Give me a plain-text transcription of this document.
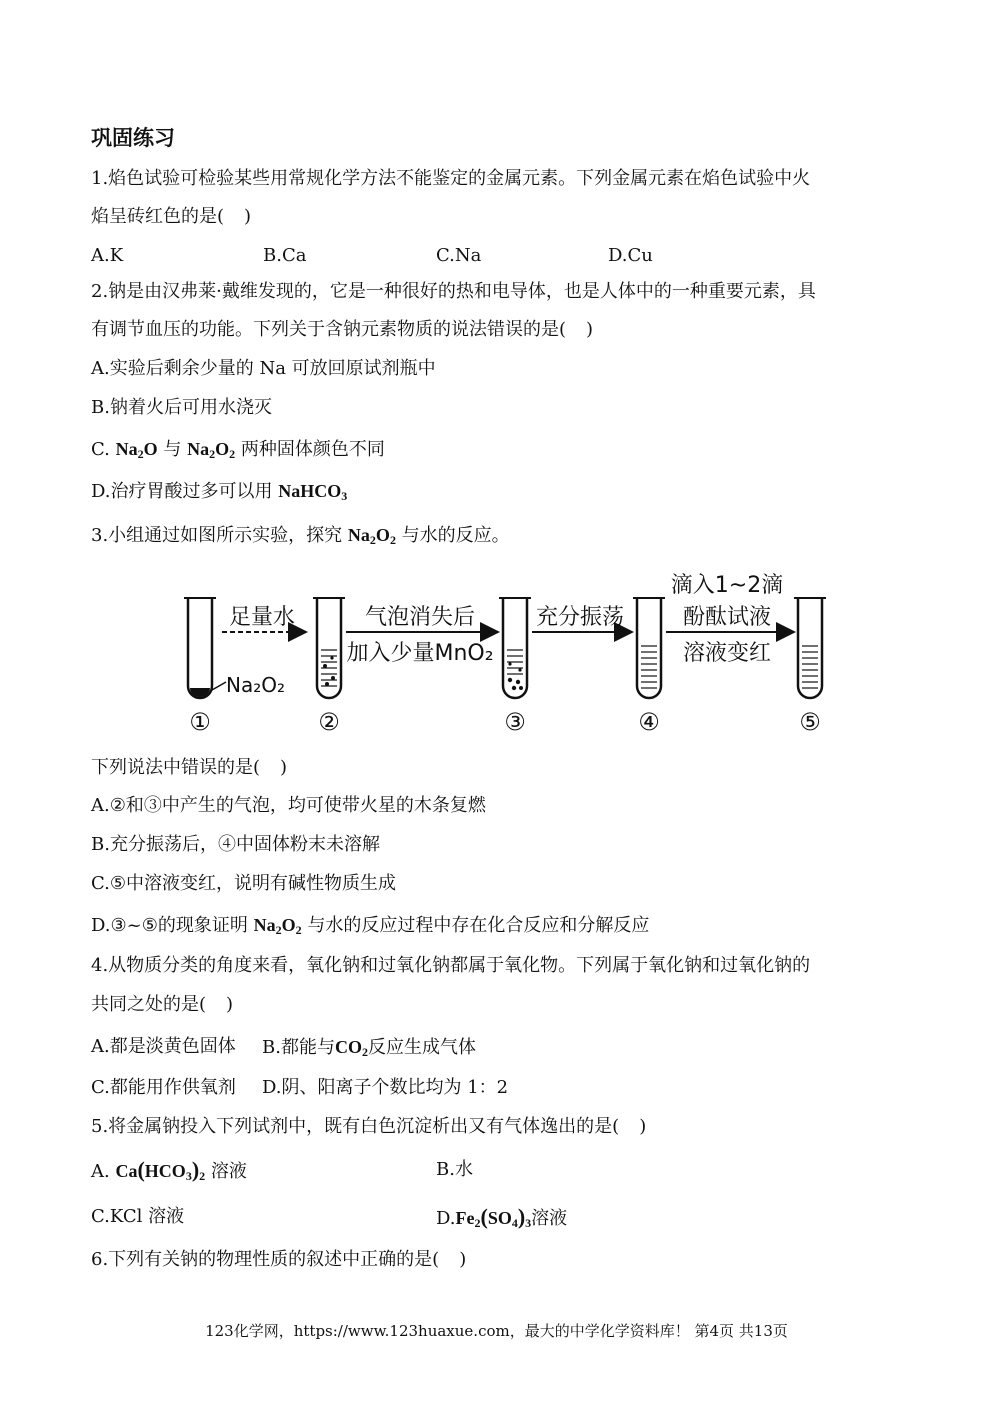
巩固练习
1.焰色试验可检验某些用常规化学方法不能鉴定的金属元素。下列金属元素在焰色试验中火
焰呈砖红色的是( )
A.K	B.Ca	C.Na	D.Cu
2.钠是由汉弗莱·戴维发现的，它是一种很好的热和电导体，也是人体中的一种重要元素，具
有调节血压的功能。下列关于含钠元素物质的说法错误的是( )
A.实验后剩余少量的 Na 可放回原试剂瓶中
B.钠着火后可用水浇灭
C. $Na_2O$ 与 $Na_2O_2$ 两种固体颜色不同
D.治疗胃酸过多可以用 NaHCO$_3$
3.小组通过如图所示实验，探究 $Na_2O_2$ 与水的反应。
足量水	气泡消失后
加入少量MnO₂
充分振荡
滴入1~2滴
酚酞试液
溶液变红
Na₂O₂
①	②	③	④	⑤
下列说法中错误的是( )
A.②和③中产生的气泡，均可使带火星的木条复燃
B.充分振荡后，④中固体粉末未溶解
C.⑤中溶液变红，说明有碱性物质生成
D.③~⑤的现象证明 $Na_2O_2$ 与水的反应过程中存在化合反应和分解反应
4.从物质分类的角度来看，氧化钠和过氧化钠都属于氧化物。下列属于氧化钠和过氧化钠的
共同之处的是( )
A.都是淡黄色固体 B.都能与$CO_2$反应生成气体
C.都能用作供氧剂 D.阴、阳离子个数比均为 1：2
5.将金属钠投入下列试剂中，既有白色沉淀析出又有气体逸出的是( )
A. $Ca(HCO_3)_2$ 溶液	B.水
C.KCl 溶液	$D.Fe_2(SO_4)_3$溶液
6.下列有关钠的物理性质的叙述中正确的是( )
123化学网，https://www.123huaxue.com，最大的中学化学资料库！ 第4页 共13页
